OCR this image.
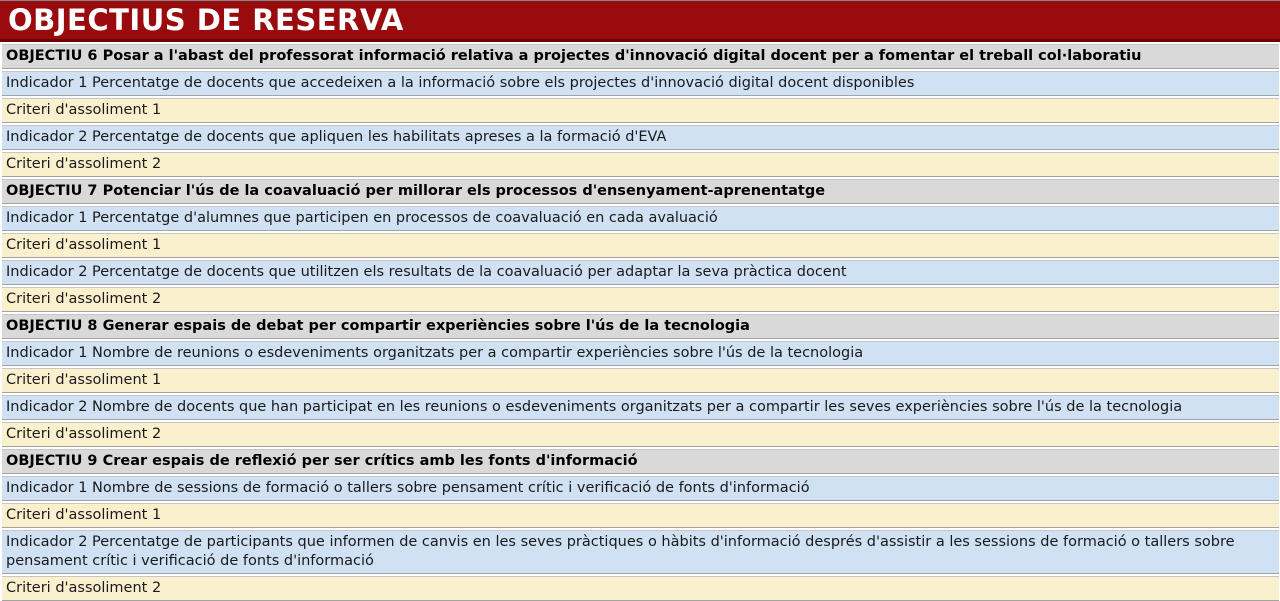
OBJECTIUS DE RESERVA
OBJECTIU 6 Posar a l'abast del professorat informació relativa a projectes d'innovació digital docent per a fomentar el treball col·laboratiu
Indicador 1 Percentatge de docents que accedeixen a la informació sobre els projectes d'innovació digital docent disponibles
Criteri d'assoliment 1
Indicador 2 Percentatge de docents que apliquen les habilitats apreses a la formació d'EVA
Criteri d'assoliment 2
OBJECTIU 7 Potenciar l'ús de la coavaluació per millorar els processos d'ensenyament-aprenentatge
Indicador 1 Percentatge d'alumnes que participen en processos de coavaluació en cada avaluació
Criteri d'assoliment 1
Indicador 2 Percentatge de docents que utilitzen els resultats de la coavaluació per adaptar la seva pràctica docent
Criteri d'assoliment 2
OBJECTIU 8 Generar espais de debat per compartir experiències sobre l'ús de la tecnologia
Indicador 1 Nombre de reunions o esdeveniments organitzats per a compartir experiències sobre l'ús de la tecnologia
Criteri d'assoliment 1
Indicador 2 Nombre de docents que han participat en les reunions o esdeveniments organitzats per a compartir les seves experiències sobre l'ús de la tecnologia
Criteri d'assoliment 2
OBJECTIU 9 Crear espais de reflexió per ser crítics amb les fonts d'informació
Indicador 1 Nombre de sessions de formació o tallers sobre pensament crític i verificació de fonts d'informació
Criteri d'assoliment 1
Indicador 2 Percentatge de participants que informen de canvis en les seves pràctiques o hàbits d'informació després d'assistir a les sessions de formació o tallers sobre pensament crític i verificació de fonts d'informació
Criteri d'assoliment 2
